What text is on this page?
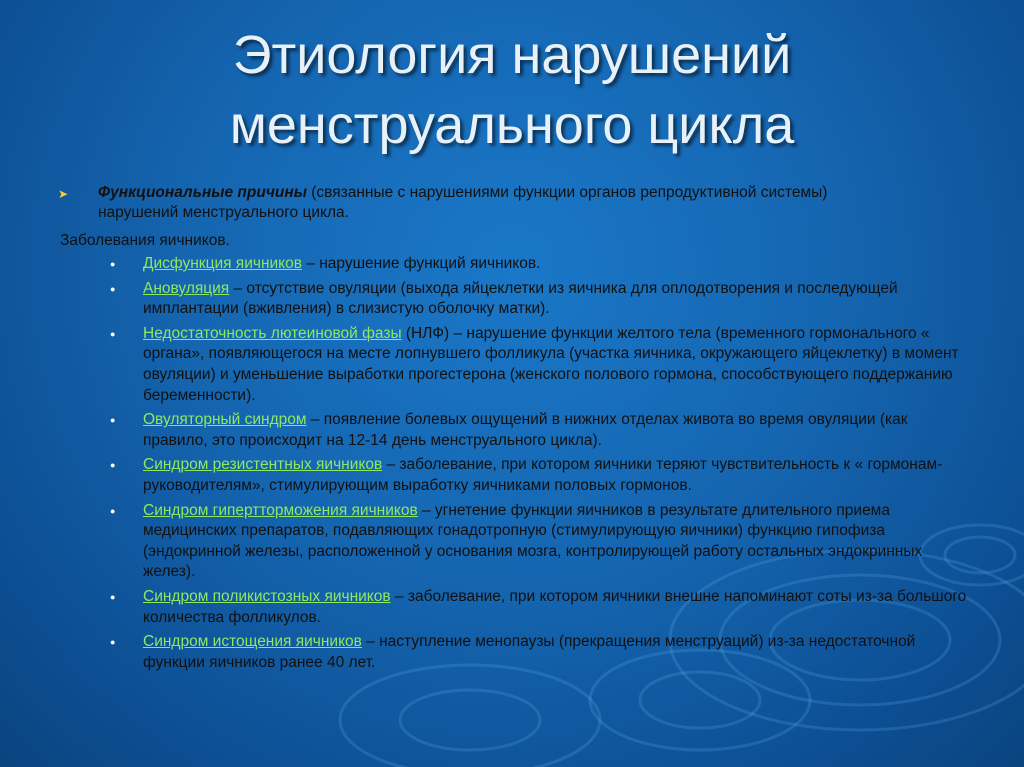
Этиология нарушений
менструального цикла
➤	Функциональные причины (связанные с нарушениями функции органов репродуктивной системы)
нарушений менструального цикла.
Заболевания яичников.
● Дисфункция яичников – нарушение функций яичников.
● Ановуляция – отсутствие овуляции (выхода яйцеклетки из яичника для оплодотворения и последующей имплантации (вживления) в слизистую оболочку матки).
● Недостаточность лютеиновой фазы (НЛФ) – нарушение функции желтого тела (временного гормонального « органа», появляющегося на месте лопнувшего фолликула (участка яичника, окружающего яйцеклетку) в момент овуляции) и уменьшение выработки прогестерона (женского полового гормона, способствующего поддержанию беременности).
● Овуляторный синдром – появление болевых ощущений в нижних отделах живота во время овуляции (как правило, это происходит на 12-14 день менструального цикла).
● Синдром резистентных яичников – заболевание, при котором яичники теряют чувствительность к « гормонам-руководителям», стимулирующим выработку яичниками половых гормонов.
● Синдром гипертторможения яичников – угнетение функции яичников в результате длительного приема медицинских препаратов, подавляющих гонадотропную (стимулирующую яичники) функцию гипофиза (эндокринной железы, расположенной у основания мозга, контролирующей работу остальных эндокринных желез).
● Синдром поликистозных яичников – заболевание, при котором яичники внешне напоминают соты из-за большого количества фолликулов.
● Синдром истощения яичников – наступление менопаузы (прекращения менструаций) из-за недостаточной функции яичников ранее 40 лет.
